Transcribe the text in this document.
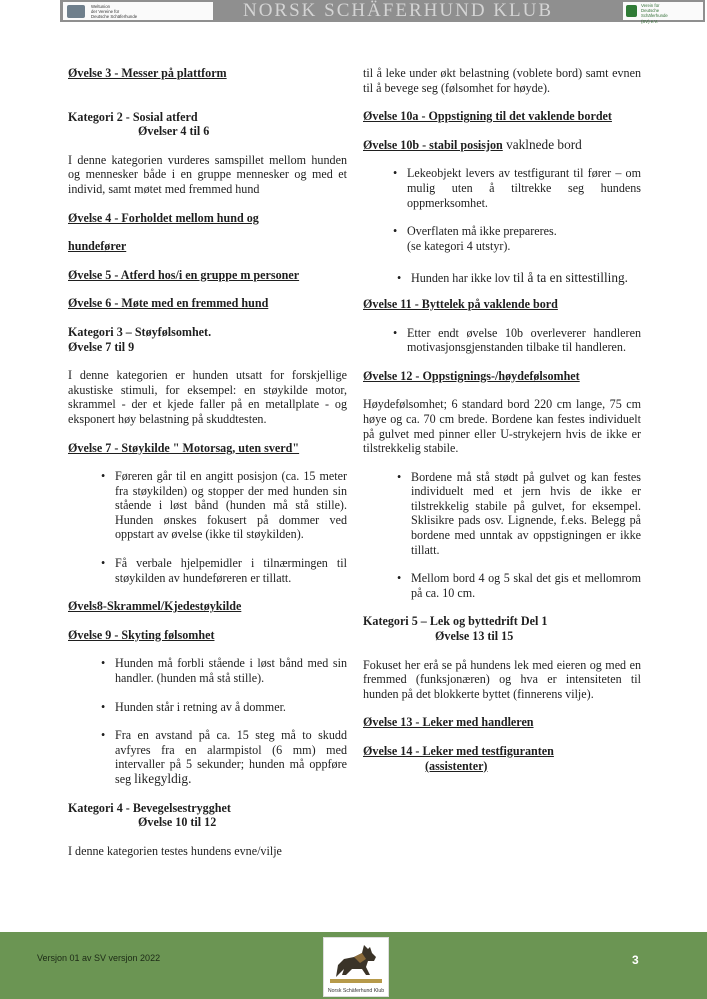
Weltunion
der Vereine für
Deutsche Schäferhunde	NORSK SCHÄFERHUND KLUB	Verein für
Deutsche
Schäferhunde
(SV) e.V.

Øvelse 3 - Messer på plattform

Kategori 2 - Sosial atferd

Øvelser 4 til 6

I denne kategorien vurderes samspillet mellom hunden og mennesker både i en gruppe mennesker og med et individ, samt møtet med fremmed hund

Øvelse 4 - Forholdet mellom hund og

hundefører

Øvelse 5 - Atferd hos/i en gruppe m personer

Øvelse 6 - Møte med en fremmed hund

Kategori 3 – Støyfølsomhet.

Øvelse 7 til 9

I denne kategorien er hunden utsatt for forskjellige akustiske stimuli, for eksempel: en støykilde motor, skrammel - der et kjede faller på en metallplate - og eksponert høy belastning på skuddtesten.

Øvelse 7 - Støykilde " Motorsag, uten sverd"

• Føreren går til en angitt posisjon (ca. 15 meter fra støykilden) og stopper der med hunden sin stående i løst bånd (hunden må stå stille). Hunden ønskes fokusert på dommer ved oppstart av øvelse (ikke til støykilden).
• Få verbale hjelpemidler i tilnærmingen til støykilden av hundeføreren er tillatt.

Øvels8-Skrammel/Kjedestøykilde

Øvelse 9 - Skyting følsomhet

• Hunden må forbli stående i løst bånd med sin handler. (hunden må stå stille).
• Hunden står i retning av å dommer.
• Fra en avstand på ca. 15 steg må to skudd avfyres fra en alarmpistol (6 mm) med intervaller på 5 sekunder; hunden må oppføre seg likegyldig.

Kategori 4 - Bevegelsestrygghet

Øvelse 10 til 12

I denne kategorien testes hundens evne/vilje

til å leke under økt belastning (voblete bord) samt evnen til å bevege seg (følsomhet for høyde).

Øvelse 10a - Oppstigning til det vaklende bordet

Øvelse 10b - stabil posisjon vaklnede bord

• Lekeobjekt levers av testfigurant til fører – om mulig uten å tiltrekke seg hundens oppmerksomhet.
• Overflaten må ikke prepareres.
(se kategori 4 utstyr).
• Hunden har ikke lov til å ta en sittestilling.

Øvelse 11 - Byttelek på vaklende bord

• Etter endt øvelse 10b overleverer handleren motivasjonsgjenstanden tilbake til handleren.

Øvelse 12 - Oppstignings-/høydefølsomhet

Høydefølsomhet; 6 standard bord 220 cm lange, 75 cm høye og ca. 70 cm brede. Bordene kan festes individuelt på gulvet med pinner eller U-strykejern hvis de ikke er tilstrekkelig stabile.

• Bordene må stå stødt på gulvet og kan festes individuelt med et jern hvis de ikke er tilstrekkelig stabile på gulvet, for eksempel. Sklisikre pads osv. Lignende, f.eks. Belegg på bordene med unntak av oppstigningen er ikke tillatt.
• Mellom bord 4 og 5 skal det gis et mellomrom på ca. 10 cm.

Kategori 5 – Lek og byttedrift Del 1

Øvelse 13 til 15

Fokuset her erå se på hundens lek med eieren og med en fremmed (funksjonæren) og hva er intensiteten til hunden på det blokkerte byttet (finnerens vilje).

Øvelse 13 - Leker med handleren

Øvelse 14 - Leker med testfiguranten

(assistenter)

Versjon 01 av SV versjon 2022
Norsk Schäferhund Klub
3
